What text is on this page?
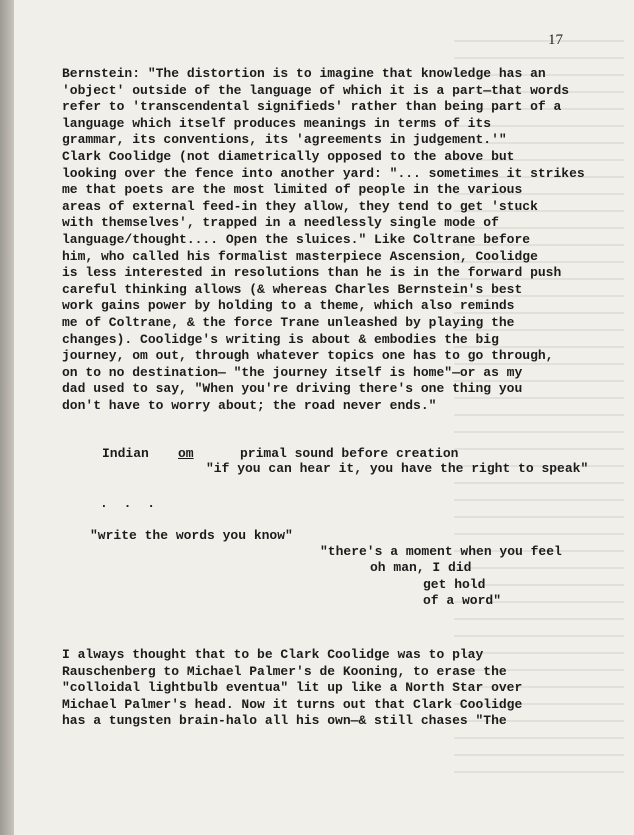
17
Bernstein: "The distortion is to imagine that knowledge has an
'object' outside of the language of which it is a part—that words
refer to 'transcendental signifieds' rather than being part of a
language which itself produces meanings in terms of its
grammar, its conventions, its 'agreements in judgement.'"
Clark Coolidge (not diametrically opposed to the above but
looking over the fence into another yard: "... sometimes it strikes
me that poets are the most limited of people in the various
areas of external feed-in they allow, they tend to get 'stuck
with themselves', trapped in a needlessly single mode of
language/thought.... Open the sluices." Like Coltrane before
him, who called his formalist masterpiece Ascension, Coolidge
is less interested in resolutions than he is in the forward push
careful thinking allows (& whereas Charles Bernstein's best
work gains power by holding to a theme, which also reminds
me of Coltrane, & the force Trane unleashed by playing the
changes). Coolidge's writing is about & embodies the big
journey, om out, through whatever topics one has to go through,
on to no destination— "the journey itself is home"—or as my
dad used to say, "When you're driving there's one thing you
don't have to worry about; the road never ends."
Indian om	primal sound before creation
"if you can hear it, you have the right to speak"
. . .
"write the words you know"
"there's a moment when you feel
oh man, I did
get hold
of a word"
I always thought that to be Clark Coolidge was to play
Rauschenberg to Michael Palmer's de Kooning, to erase the
"colloidal lightbulb eventua" lit up like a North Star over
Michael Palmer's head. Now it turns out that Clark Coolidge
has a tungsten brain-halo all his own—& still chases "The
